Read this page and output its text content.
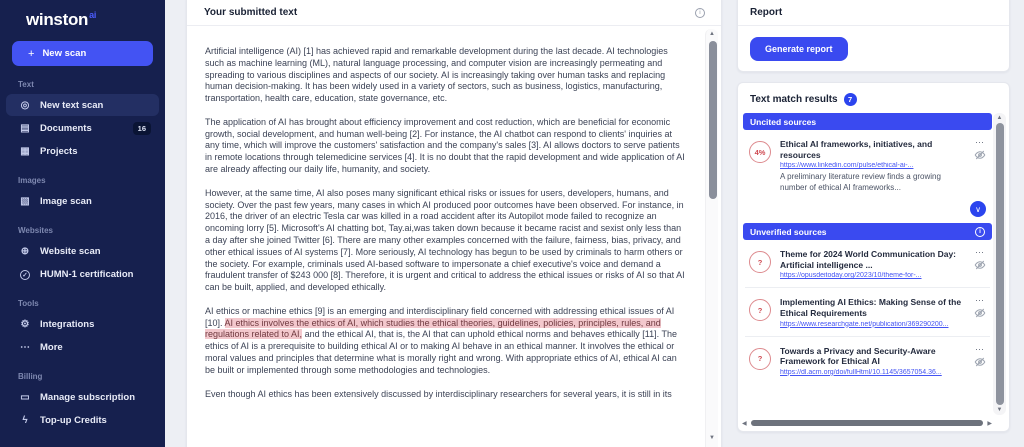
winston$^{ai}$
+ New scan
Text
◎ New text scan
▤ Documents	16
▦ Projects
Images
▧ Image scan
Websites
⊕ Website scan
✓	HUMN-1 certification
Tools
⚙ Integrations
⋯ More
Billing
▭ Manage subscription
ϟ	Top-up Credits
Your submitted text	i

Artificial intelligence (AI) [1] has achieved rapid and remarkable development during the last decade. AI technologies such as machine learning (ML), natural language processing, and computer vision are increasingly permeating and spreading to various disciplines and aspects of our society. AI is increasingly taking over human tasks and replacing human decision-making. It has been widely used in a variety of sectors, such as business, logistics, manufacturing, transportation, health care, education, state governance, etc.

The application of AI has brought about efficiency improvement and cost reduction, which are beneficial for economic growth, social development, and human well-being [2]. For instance, the AI chatbot can respond to clients' inquiries at any time, which will improve the customers' satisfaction and the company's sales [3]. AI allows doctors to serve patients in remote locations through telemedicine services [4]. It is no doubt that the rapid development and wide application of AI are already affecting our daily life, humanity, and society.

However, at the same time, AI also poses many significant ethical risks or issues for users, developers, humans, and society. Over the past few years, many cases in which AI produced poor outcomes have been observed. For instance, in 2016, the driver of an electric Tesla car was killed in a road accident after its Autopilot mode failed to recognize an oncoming lorry [5]. Microsoft's AI chatting bot, Tay.ai,was taken down because it became racist and sexist only less than a day after she joined Twitter [6]. There are many other examples concerned with the failure, fairness, bias, privacy, and other ethical issues of AI systems [7]. More seriously, AI technology has begun to be used by criminals to harm others or the society. For example, criminals used AI-based software to impersonate a chief executive's voice and demand a fraudulent transfer of $243 000 [8]. Therefore, it is urgent and critical to address the ethical issues or risks of AI so that AI can be built, applied, and developed ethically.

AI ethics or machine ethics [9] is an emerging and interdisciplinary field concerned with addressing ethical issues of AI [10]. AI ethics involves the ethics of AI, which studies the ethical theories, guidelines, policies, principles, rules, and regulations related to AI, and the ethical AI, that is, the AI that can uphold ethical norms and behaves ethically [11]. The ethics of AI is a prerequisite to building ethical AI or to making AI behave in an ethical manner. It involves the ethical or moral values and principles that determine what is morally right and wrong. With appropriate ethics of AI, ethical AI can be built or implemented through some methodologies and technologies.

Even though AI ethics has been extensively discussed by interdisciplinary researchers for several years, it is still in its

▲
▼
Report
Generate report
Text match results	7
Uncited sources
4%
Ethical AI frameworks, initiatives, and resources
https://www.linkedin.com/pulse/ethical-ai-...
A preliminary literature review finds a growing number of ethical AI frameworks...
⋯
∨
Unverified sources	i
?
Theme for 2024 World Communication Day: Artificial intelligence ...
https://opusdeitoday.org/2023/10/theme-for-...
⋯
?
Implementing AI Ethics: Making Sense of the Ethical Requirements
https://www.researchgate.net/publication/369290200...
⋯
?
Towards a Privacy and Security-Aware Framework for Ethical AI
https://dl.acm.org/doi/fullHtml/10.1145/3657054.36...
⋯
▲
▼
◀	▶
